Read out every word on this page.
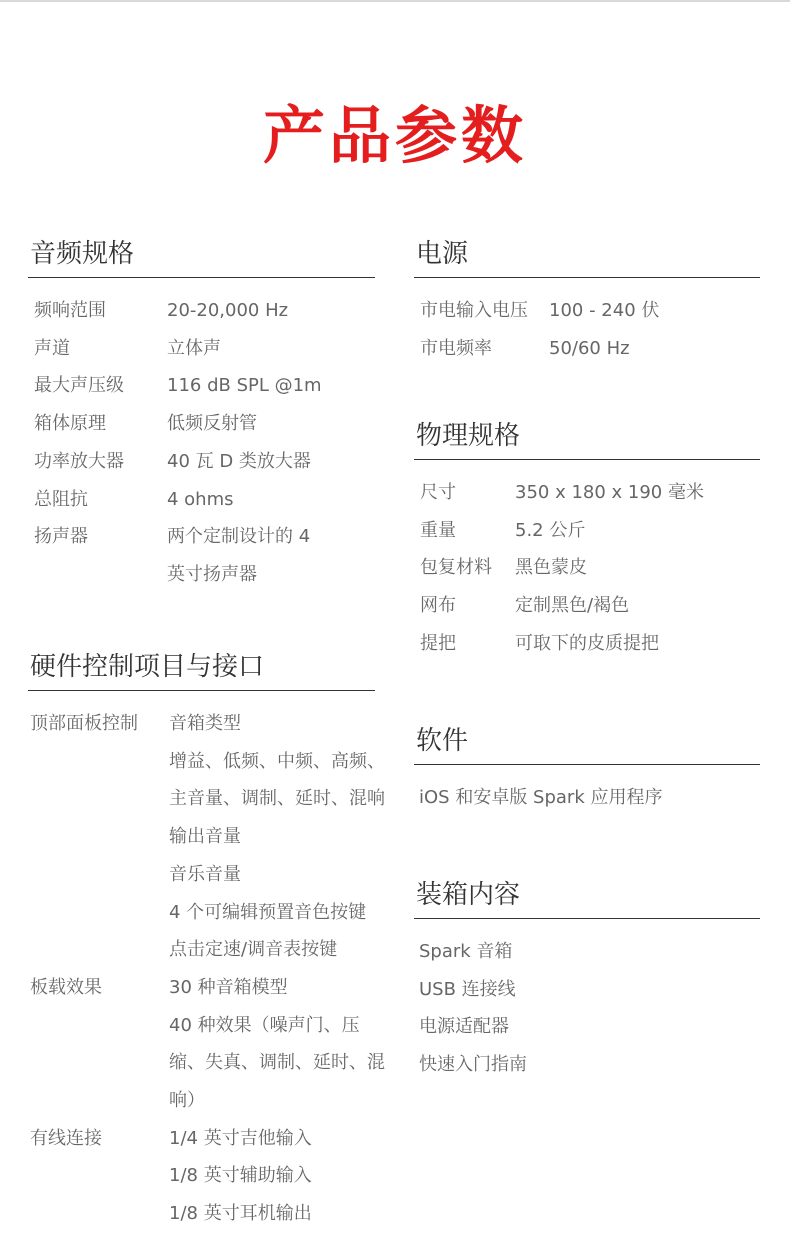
产品参数
音频规格
频响范围	20-20,000 Hz
声道	立体声
最大声压级	116 dB SPL @1m
箱体原理	低频反射管
功率放大器	40 瓦 D 类放大器
总阻抗	4 ohms
扬声器	两个定制设计的 4
英寸扬声器
硬件控制项目与接口
顶部面板控制	音箱类型
增益、低频、中频、高频、
主音量、调制、延时、混响
输出音量
音乐音量
4 个可编辑预置音色按键
点击定速/调音表按键
板载效果	30 种音箱模型
40 种效果（噪声门、压
缩、失真、调制、延时、混
响）
有线连接	1/4 英寸吉他输入
1/8 英寸辅助输入
1/8 英寸耳机输出
电源
市电输入电压	100 - 240 伏
市电频率	50/60 Hz
物理规格
尺寸	350 x 180 x 190 毫米
重量	5.2 公斤
包复材料	黑色蒙皮
网布	定制黑色/褐色
提把	可取下的皮质提把
软件
iOS 和安卓版 Spark 应用程序
装箱内容
Spark 音箱
USB 连接线
电源适配器
快速入门指南
